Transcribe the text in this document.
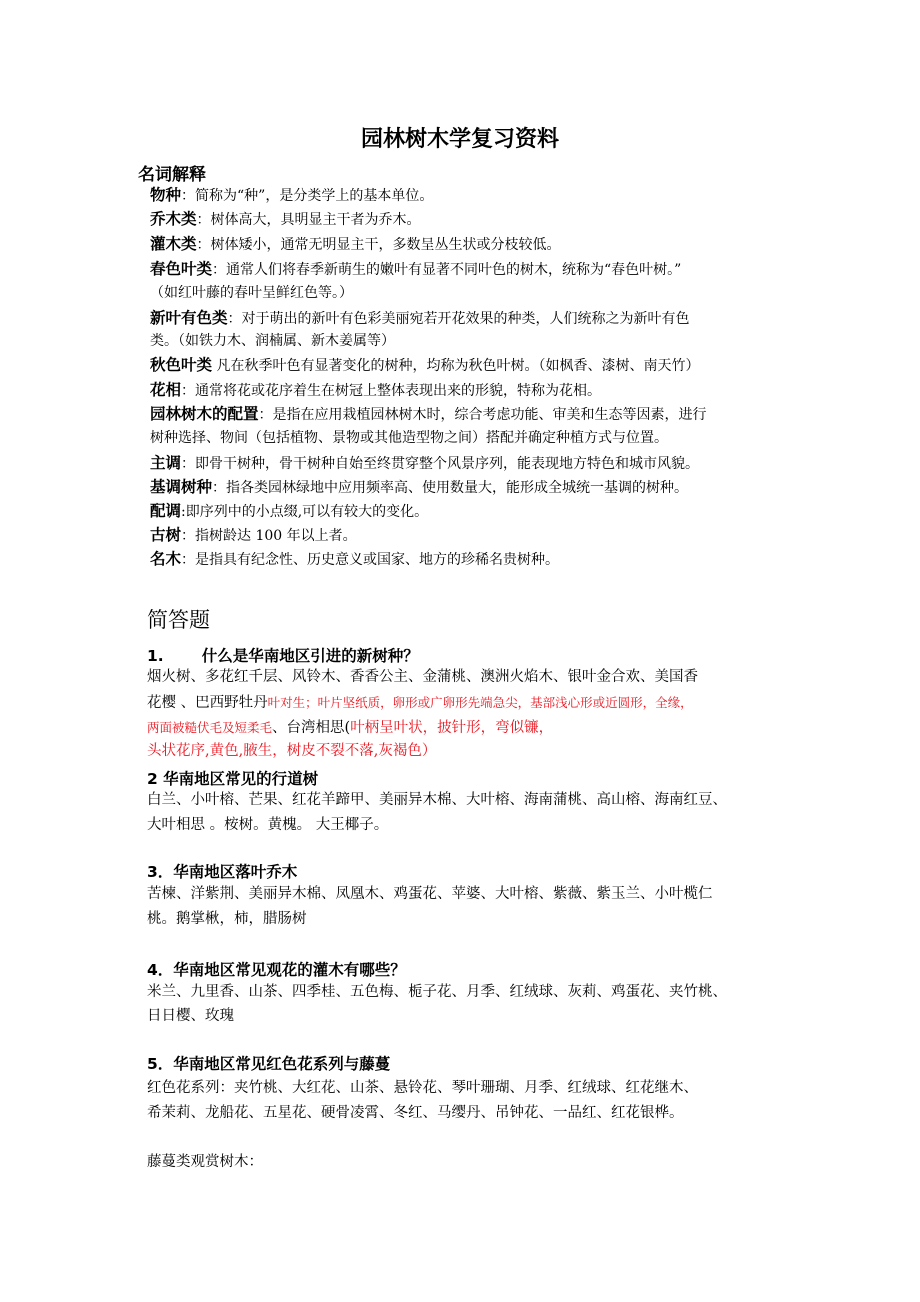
园林树木学复习资料
名词解释
物种：简称为“种”，是分类学上的基本单位。
乔木类：树体高大，具明显主干者为乔木。
灌木类：树体矮小，通常无明显主干，多数呈丛生状或分枝较低。
春色叶类：通常人们将春季新萌生的嫩叶有显著不同叶色的树木，统称为“春色叶树。”
（如红叶藤的春叶呈鲜红色等。）
新叶有色类：对于萌出的新叶有色彩美丽宛若开花效果的种类，人们统称之为新叶有色
类。（如铁力木、润楠属、新木姜属等）
秋色叶类 凡在秋季叶色有显著变化的树种，均称为秋色叶树。（如枫香、漆树、南天竹）
花相：通常将花或花序着生在树冠上整体表现出来的形貌，特称为花相。
园林树木的配置：是指在应用栽植园林树木时，综合考虑功能、审美和生态等因素，进行
树种选择、物间（包括植物、景物或其他造型物之间）搭配并确定种植方式与位置。
主调：即骨干树种，骨干树种自始至终贯穿整个风景序列，能表现地方特色和城市风貌。
基调树种：指各类园林绿地中应用频率高、使用数量大，能形成全城统一基调的树种。
配调:即序列中的小点缀,可以有较大的变化。
古树：指树龄达 100 年以上者。
名木：是指具有纪念性、历史意义或国家、地方的珍稀名贵树种。
简答题
1. 什么是华南地区引进的新树种？
烟火树、多花红千层、风铃木、香香公主、金蒲桃、澳洲火焰木、银叶金合欢、美国香
花樱 、巴西野牡丹叶对生；叶片坚纸质，卵形或广卵形先端急尖，基部浅心形或近圆形，全缘，
两面被糙伏毛及短柔毛、台湾相思(叶柄呈叶状，披针形，弯似镰，
头状花序,黄色,腋生，树皮不裂不落,灰褐色）
2 华南地区常见的行道树
白兰、小叶榕、芒果、红花羊蹄甲、美丽异木棉、大叶榕、海南蒲桃、高山榕、海南红豆、
大叶相思 。桉树。黄槐。 大王椰子。
3．华南地区落叶乔木
苦楝、洋紫荆、美丽异木棉、凤凰木、鸡蛋花、苹婆、大叶榕、紫薇、紫玉兰、小叶榄仁
桃。鹅掌楸，柿，腊肠树
4．华南地区常见观花的灌木有哪些？
米兰、九里香、山茶、四季桂、五色梅、栀子花、月季、红绒球、灰莉、鸡蛋花、夹竹桃、
日日樱、玫瑰
5．华南地区常见红色花系列与藤蔓
红色花系列：夹竹桃、大红花、山茶、悬铃花、琴叶珊瑚、月季、红绒球、红花继木、
希茉莉、龙船花、五星花、硬骨凌霄、冬红、马缨丹、吊钟花、一品红、红花银桦。
藤蔓类观赏树木：
